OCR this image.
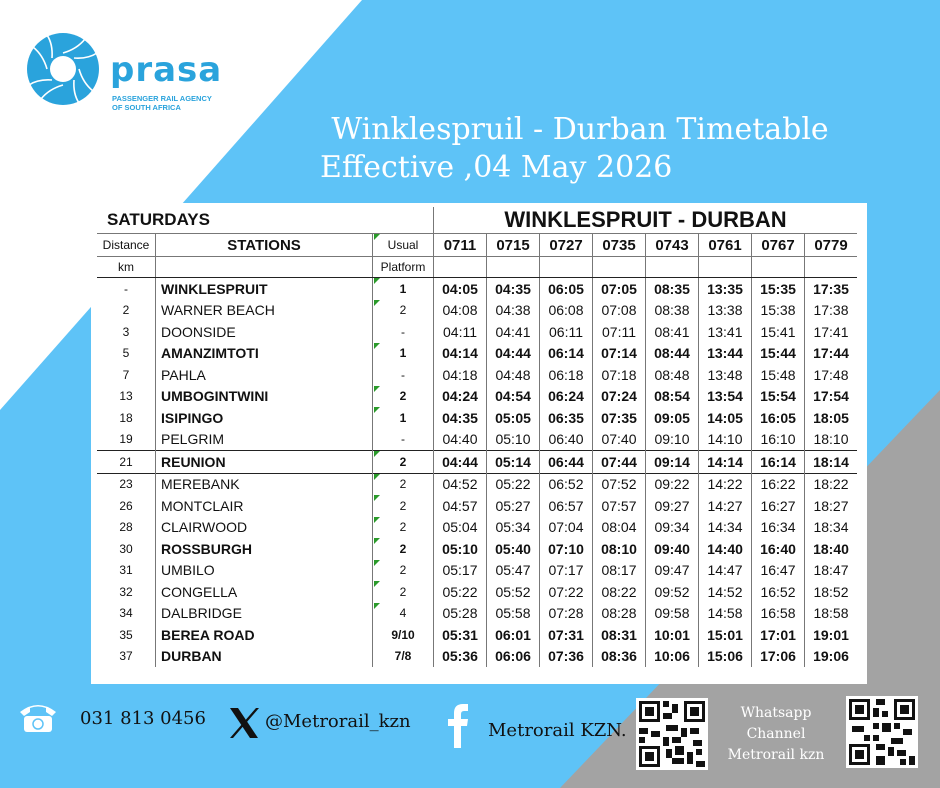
prasa
PASSENGER RAIL AGENCY OF SOUTH AFRICA
Winklespruil - Durban Timetable
Effective ,04 May 2026
SATURDAYS			WINKLESPRUIT - DURBAN							
Distance	STATIONS	Usual	0711	0715	0727	0735	0743	0761	0767	0779
km		Platform								
-	WINKLESPRUIT	1	04:05	04:35	06:05	07:05	08:35	13:35	15:35	17:35
2	WARNER BEACH	2	04:08	04:38	06:08	07:08	08:38	13:38	15:38	17:38
3	DOONSIDE	-	04:11	04:41	06:11	07:11	08:41	13:41	15:41	17:41
5	AMANZIMTOTI	1	04:14	04:44	06:14	07:14	08:44	13:44	15:44	17:44
7	PAHLA	-	04:18	04:48	06:18	07:18	08:48	13:48	15:48	17:48
13	UMBOGINTWINI	2	04:24	04:54	06:24	07:24	08:54	13:54	15:54	17:54
18	ISIPINGO	1	04:35	05:05	06:35	07:35	09:05	14:05	16:05	18:05
19	PELGRIM	-	04:40	05:10	06:40	07:40	09:10	14:10	16:10	18:10
21	REUNION	2	04:44	05:14	06:44	07:44	09:14	14:14	16:14	18:14
23	MEREBANK	2	04:52	05:22	06:52	07:52	09:22	14:22	16:22	18:22
26	MONTCLAIR	2	04:57	05:27	06:57	07:57	09:27	14:27	16:27	18:27
28	CLAIRWOOD	2	05:04	05:34	07:04	08:04	09:34	14:34	16:34	18:34
30	ROSSBURGH	2	05:10	05:40	07:10	08:10	09:40	14:40	16:40	18:40
31	UMBILO	2	05:17	05:47	07:17	08:17	09:47	14:47	16:47	18:47
32	CONGELLA	2	05:22	05:52	07:22	08:22	09:52	14:52	16:52	18:52
34	DALBRIDGE	4	05:28	05:58	07:28	08:28	09:58	14:58	16:58	18:58
35	BEREA ROAD	9/10	05:31	06:01	07:31	08:31	10:01	15:01	17:01	19:01
37	DURBAN	7/8	05:36	06:06	07:36	08:36	10:06	15:06	17:06	19:06
031 813 0456	@Metrorail_kzn	Metrorail KZN.
Whatsapp
Channel
Metrorail kzn
